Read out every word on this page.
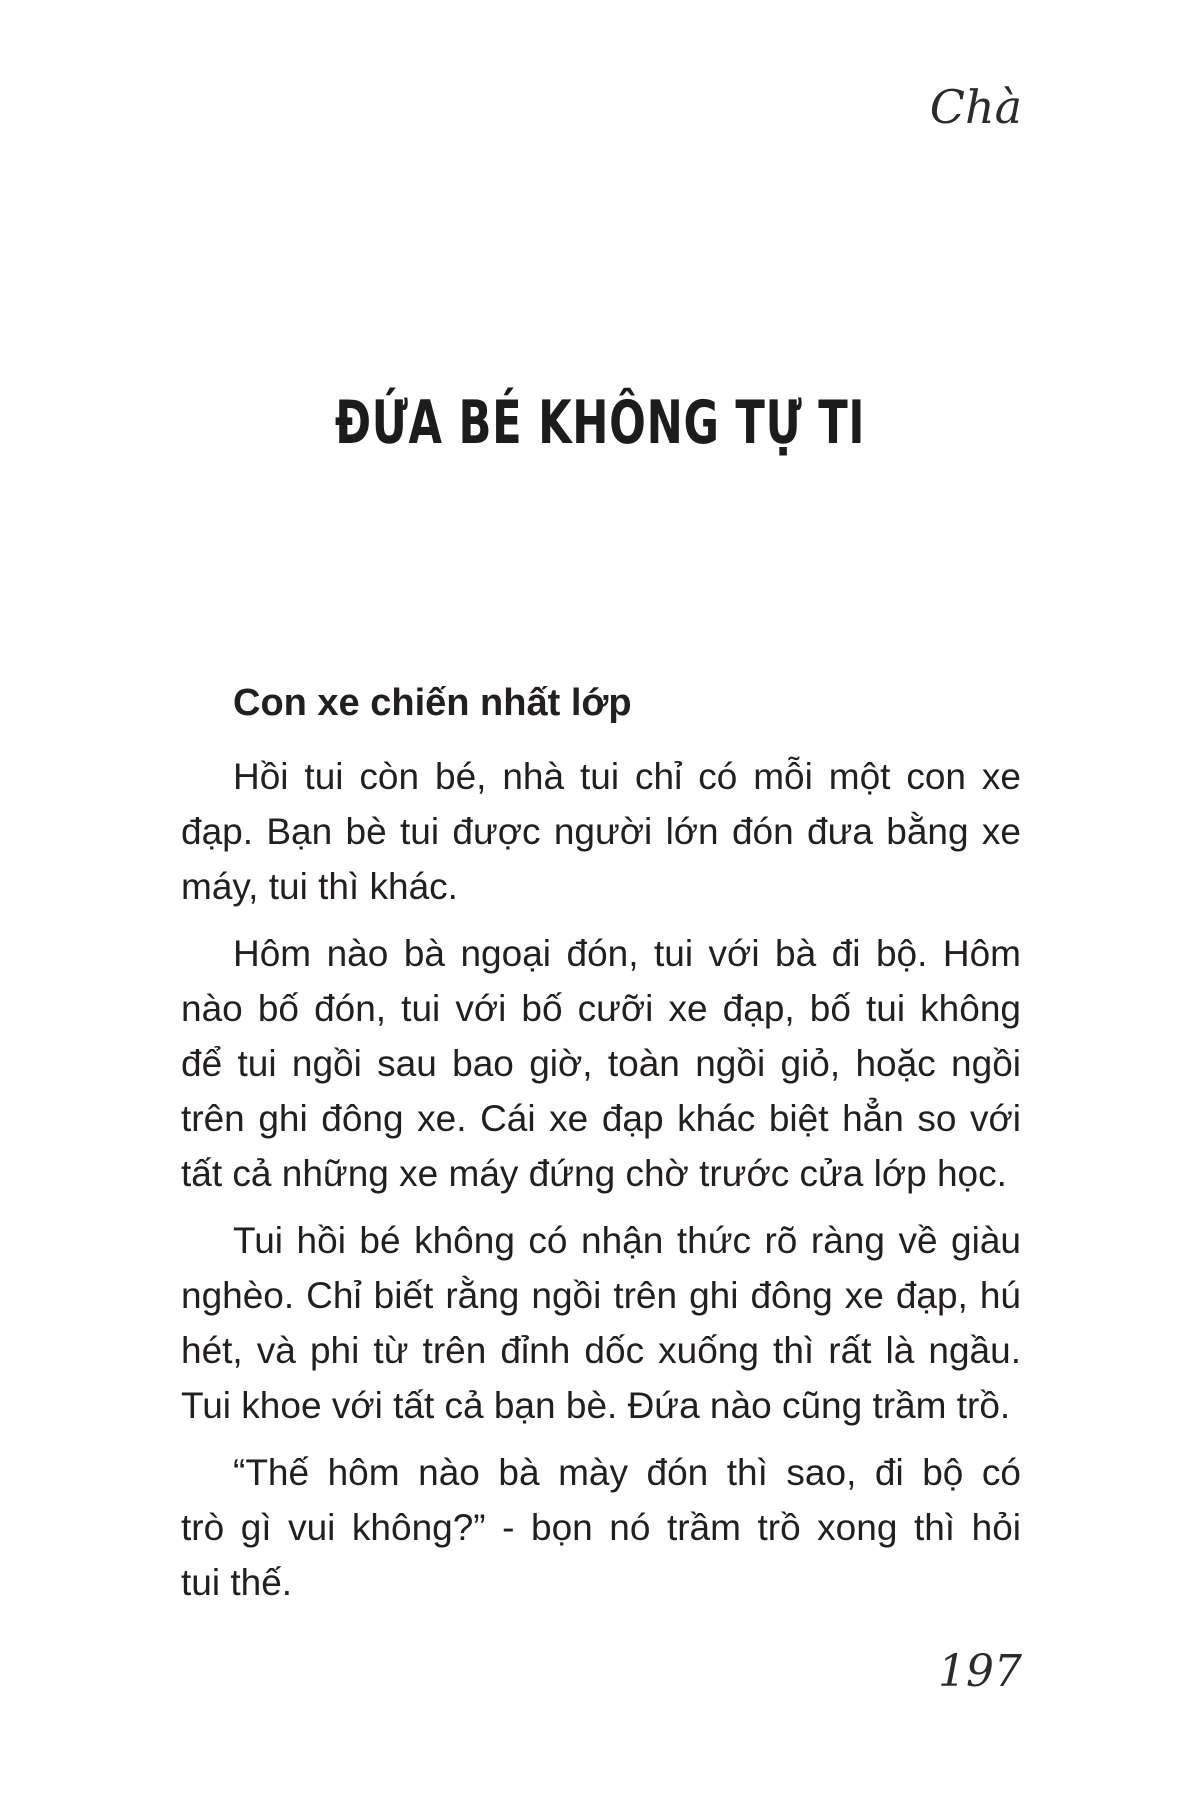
Chà
ĐỨA BÉ KHÔNG TỰ TI
Con xe chiến nhất lớp
Hồi tui còn bé, nhà tui chỉ có mỗi một con xe
đạp. Bạn bè tui được người lớn đón đưa bằng xe
máy, tui thì khác.
Hôm nào bà ngoại đón, tui với bà đi bộ. Hôm
nào bố đón, tui với bố cưỡi xe đạp, bố tui không
để tui ngồi sau bao giờ, toàn ngồi giỏ, hoặc ngồi
trên ghi đông xe. Cái xe đạp khác biệt hẳn so với
tất cả những xe máy đứng chờ trước cửa lớp học.
Tui hồi bé không có nhận thức rõ ràng về giàu
nghèo. Chỉ biết rằng ngồi trên ghi đông xe đạp, hú
hét, và phi từ trên đỉnh dốc xuống thì rất là ngầu.
Tui khoe với tất cả bạn bè. Đứa nào cũng trầm trồ.
“Thế hôm nào bà mày đón thì sao, đi bộ có
trò gì vui không?” - bọn nó trầm trồ xong thì hỏi
tui thế.
197
